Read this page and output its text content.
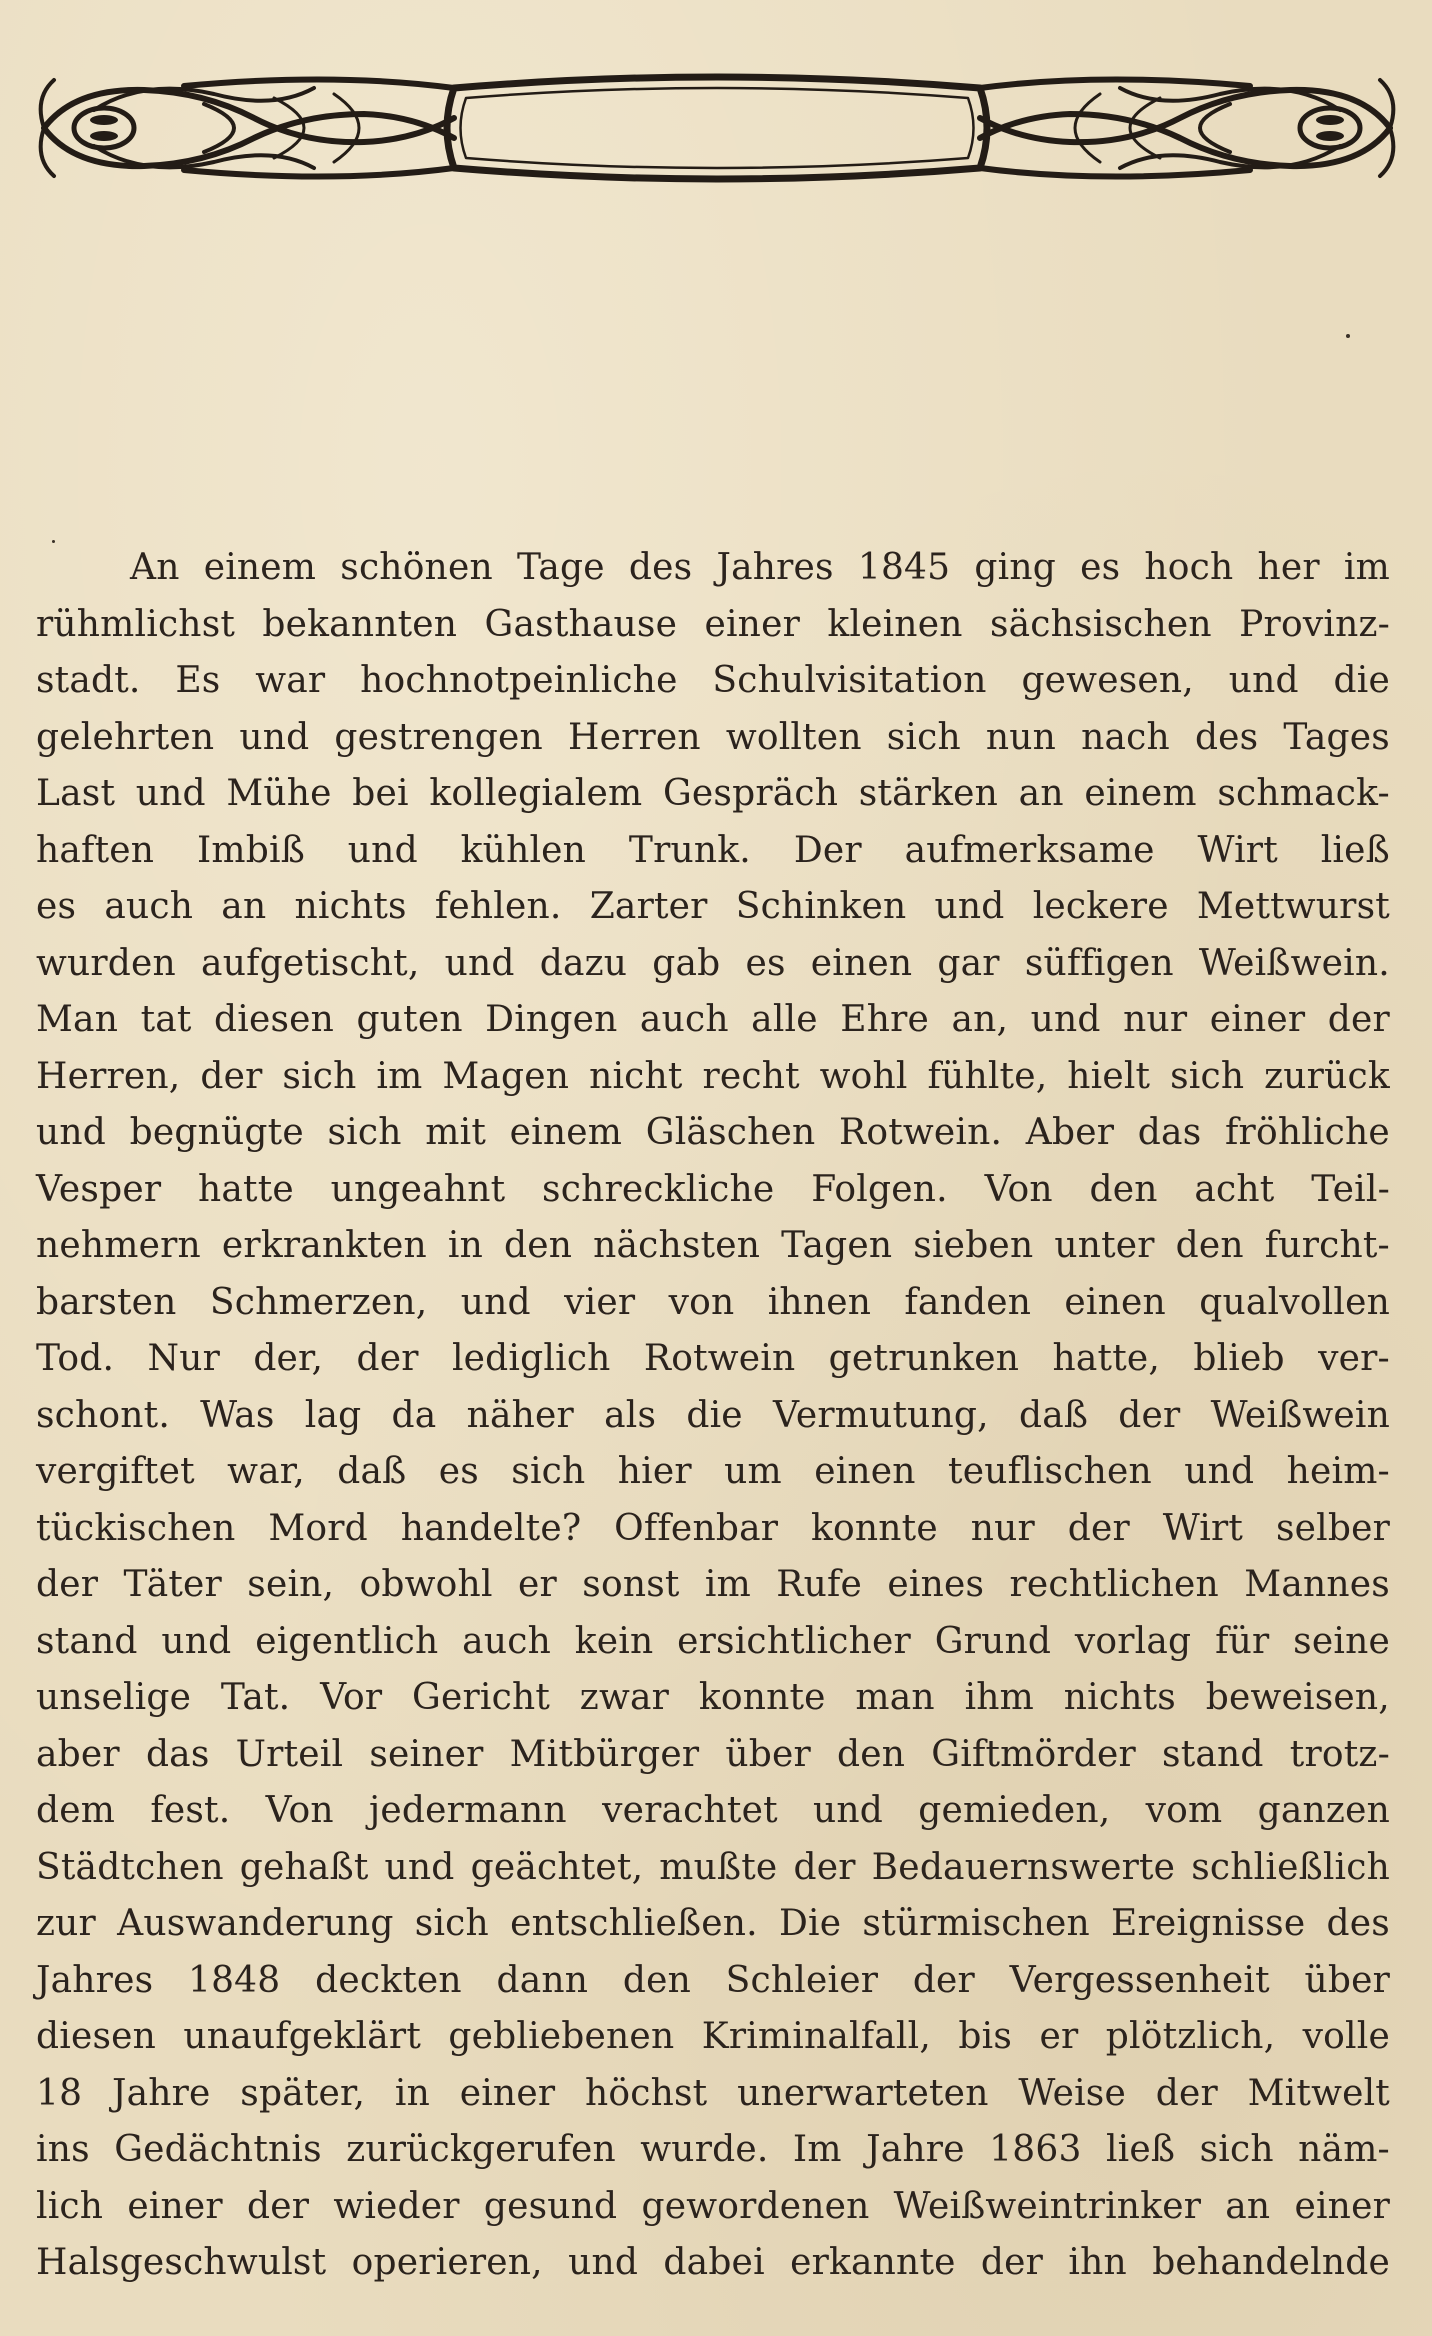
An einem schönen Tage des Jahres 1845 ging es hoch her im
rühmlichst bekannten Gasthause einer kleinen sächsischen Provinz-
stadt. Es war hochnotpeinliche Schulvisitation gewesen, und die
gelehrten und gestrengen Herren wollten sich nun nach des Tages
Last und Mühe bei kollegialem Gespräch stärken an einem schmack-
haften Imbiß und kühlen Trunk. Der aufmerksame Wirt ließ
es auch an nichts fehlen. Zarter Schinken und leckere Mettwurst
wurden aufgetischt, und dazu gab es einen gar süffigen Weißwein.
Man tat diesen guten Dingen auch alle Ehre an, und nur einer der
Herren, der sich im Magen nicht recht wohl fühlte, hielt sich zurück
und begnügte sich mit einem Gläschen Rotwein. Aber das fröhliche
Vesper hatte ungeahnt schreckliche Folgen. Von den acht Teil-
nehmern erkrankten in den nächsten Tagen sieben unter den furcht-
barsten Schmerzen, und vier von ihnen fanden einen qualvollen
Tod. Nur der, der lediglich Rotwein getrunken hatte, blieb ver-
schont. Was lag da näher als die Vermutung, daß der Weißwein
vergiftet war, daß es sich hier um einen teuflischen und heim-
tückischen Mord handelte? Offenbar konnte nur der Wirt selber
der Täter sein, obwohl er sonst im Rufe eines rechtlichen Mannes
stand und eigentlich auch kein ersichtlicher Grund vorlag für seine
unselige Tat. Vor Gericht zwar konnte man ihm nichts beweisen,
aber das Urteil seiner Mitbürger über den Giftmörder stand trotz-
dem fest. Von jedermann verachtet und gemieden, vom ganzen
Städtchen gehaßt und geächtet, mußte der Bedauernswerte schließlich
zur Auswanderung sich entschließen. Die stürmischen Ereignisse des
Jahres 1848 deckten dann den Schleier der Vergessenheit über
diesen unaufgeklärt gebliebenen Kriminalfall, bis er plötzlich, volle
18 Jahre später, in einer höchst unerwarteten Weise der Mitwelt
ins Gedächtnis zurückgerufen wurde. Im Jahre 1863 ließ sich näm-
lich einer der wieder gesund gewordenen Weißweintrinker an einer
Halsgeschwulst operieren, und dabei erkannte der ihn behandelnde
